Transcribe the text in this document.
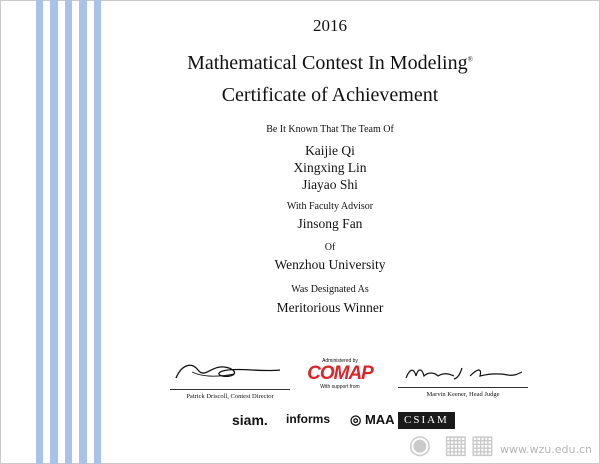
2016
Mathematical Contest In Modeling®
Certificate of Achievement
Be It Known That The Team Of
Kaijie Qi
Xingxing Lin
Jiayao Shi
With Faculty Advisor
Jinsong Fan
Of
Wenzhou University
Was Designated As
Meritorious Winner
Patrick Driscoll, Contest Director
Administered by
COMAP
With support from
Marvin Keener, Head Judge
siam. informs ◎ MAA CSIAM
◉ ▦▦ www.wzu.edu.cn
